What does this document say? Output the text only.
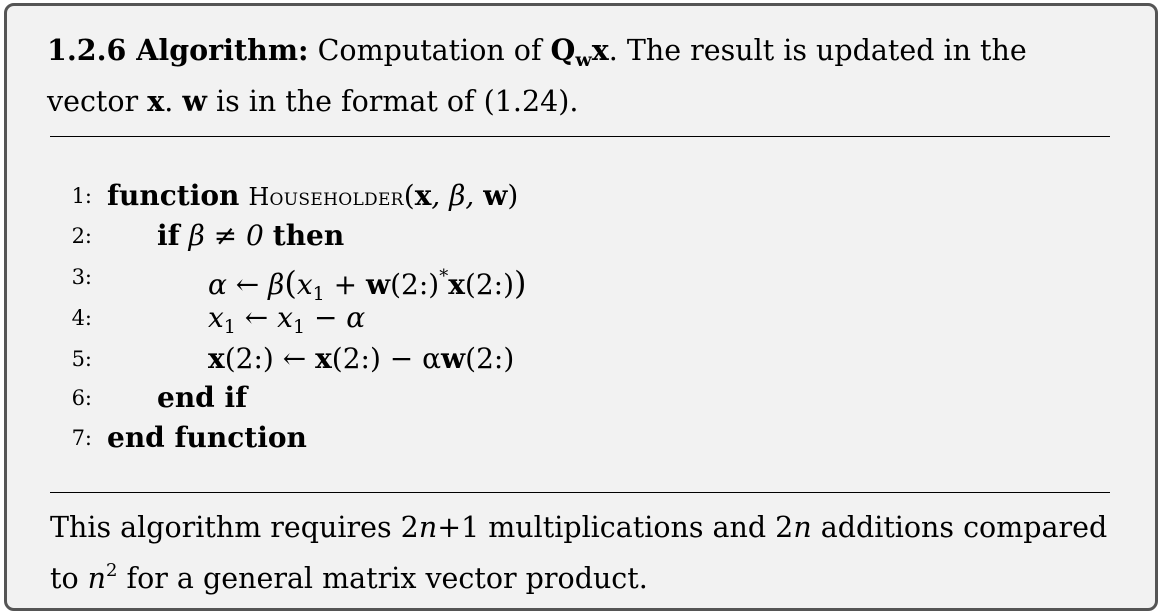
1.2.6 Algorithm: Computation of $Q_wx$. The result is updated in the vector x. w is in the format of (1.24).
1:
2:
3:
4:
5:
6:
7:
function Householder(x, β, w)
if β ≠ 0 then
α ← $\beta(x_1$ + w(2:)*x(2:))
$x_1$ ← $x_1 - \alpha$
x(2:) ← x(2:) − αw(2:)
end if
end function
This algorithm requires 2n+1 multiplications and 2n additions compared to $n^2$ for a general matrix vector product.
